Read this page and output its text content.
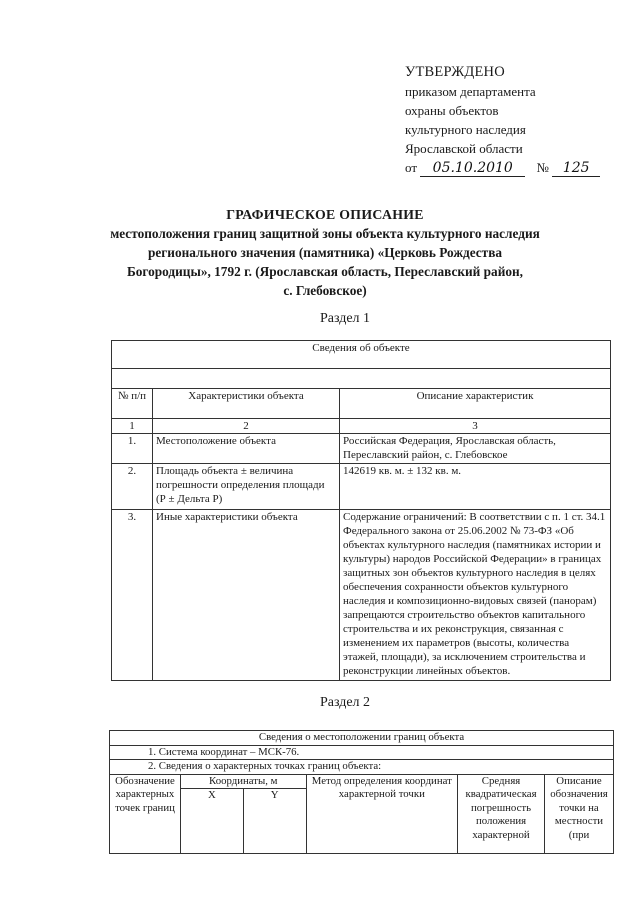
УТВЕРЖДЕНО
приказом департамента
охраны объектов
культурного наследия
Ярославской области
от 05.10.2010 № 125
ГРАФИЧЕСКОЕ ОПИСАНИЕ
местоположения границ защитной зоны объекта культурного наследия
регионального значения (памятника) «Церковь Рождества
Богородицы», 1792 г. (Ярославская область, Переславский район,
с. Глебовское)
Раздел 1
Сведения об объекте		

№ п/п	Характеристики объекта	Описание характеристик
1	2	3
1.	Местоположение объекта	Российская Федерация, Ярославская область, Переславский район, с. Глебовское
2.	Площадь объекта ± величина погрешности определения площади (Р ± Дельта Р)	142619 кв. м. ± 132 кв. м.
3.	Иные характеристики объекта	Содержание ограничений: В соответствии с п. 1 ст. 34.1 Федерального закона от 25.06.2002 № 73-ФЗ «Об объектах культурного наследия (памятниках истории и культуры) народов Российской Федерации» в границах защитных зон объектов культурного наследия в целях обеспечения сохранности объектов культурного наследия и композиционно-видовых связей (панорам) запрещаются строительство объектов капитального строительства и их реконструкция, связанная с изменением их параметров (высоты, количества этажей, площади), за исключением строительства и реконструкции линейных объектов.
Раздел 2
Сведения о местоположении границ объекта					
1. Система координат – МСК-76.					
2. Сведения о характерных точках границ объекта:					
Обозначение характерных точек границ	Координаты, м		Метод определения координат характерной точки	Средняя квадратическая погрешность положения характерной	Описание обозначения точки на местности (при
	X	Y			
